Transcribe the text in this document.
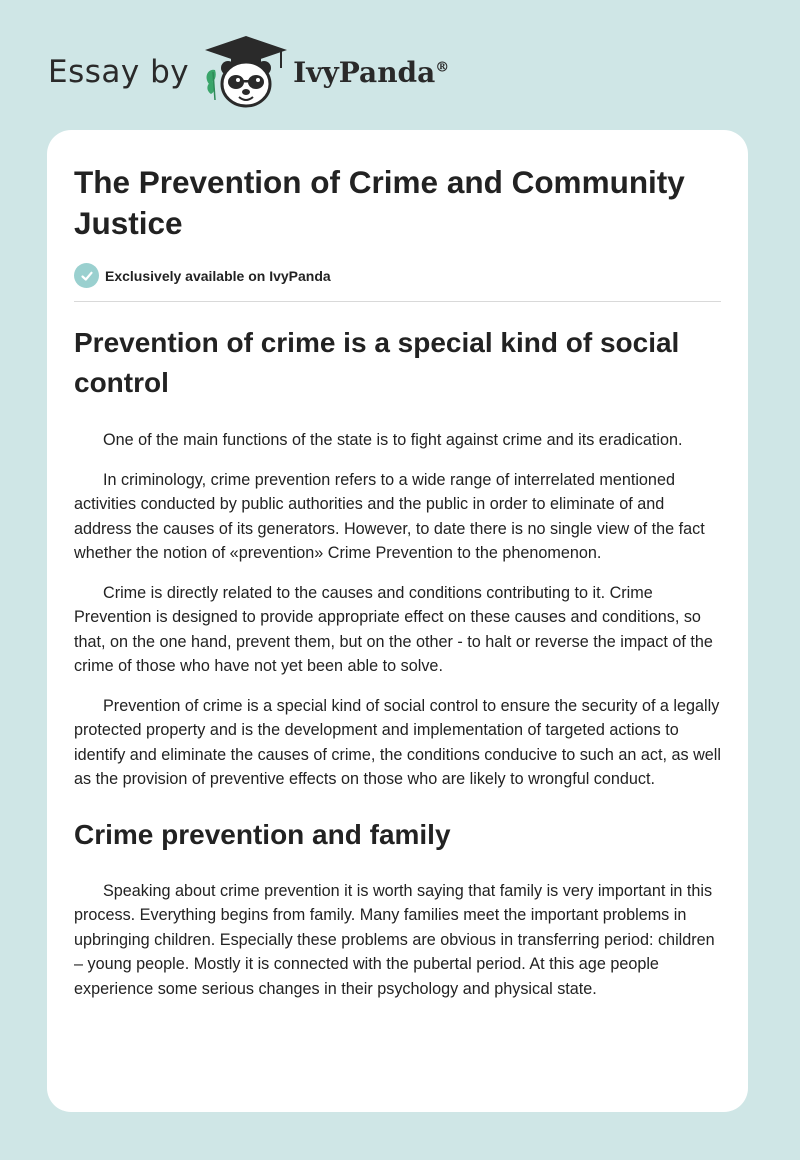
Essay by	IvyPanda®
The Prevention of Crime and Community Justice
Exclusively available on IvyPanda
Prevention of crime is a special kind of social control

One of the main functions of the state is to fight against crime and its eradication.

In criminology, crime prevention refers to a wide range of interrelated mentioned activities conducted by public authorities and the public in order to eliminate of and address the causes of its generators. However, to date there is no single view of the fact whether the notion of «prevention» Crime Prevention to the phenomenon.

Crime is directly related to the causes and conditions contributing to it. Crime Prevention is designed to provide appropriate effect on these causes and conditions, so that, on the one hand, prevent them, but on the other - to halt or reverse the impact of the crime of those who have not yet been able to solve.

Prevention of crime is a special kind of social control to ensure the security of a legally protected property and is the development and implementation of targeted actions to identify and eliminate the causes of crime, the conditions conducive to such an act, as well as the provision of preventive effects on those who are likely to wrongful conduct.

Crime prevention and family

Speaking about crime prevention it is worth saying that family is very important in this process. Everything begins from family. Many families meet the important problems in upbringing children. Especially these problems are obvious in transferring period: children – young people. Mostly it is connected with the pubertal period. At this age people experience some serious changes in their psychology and physical state.
